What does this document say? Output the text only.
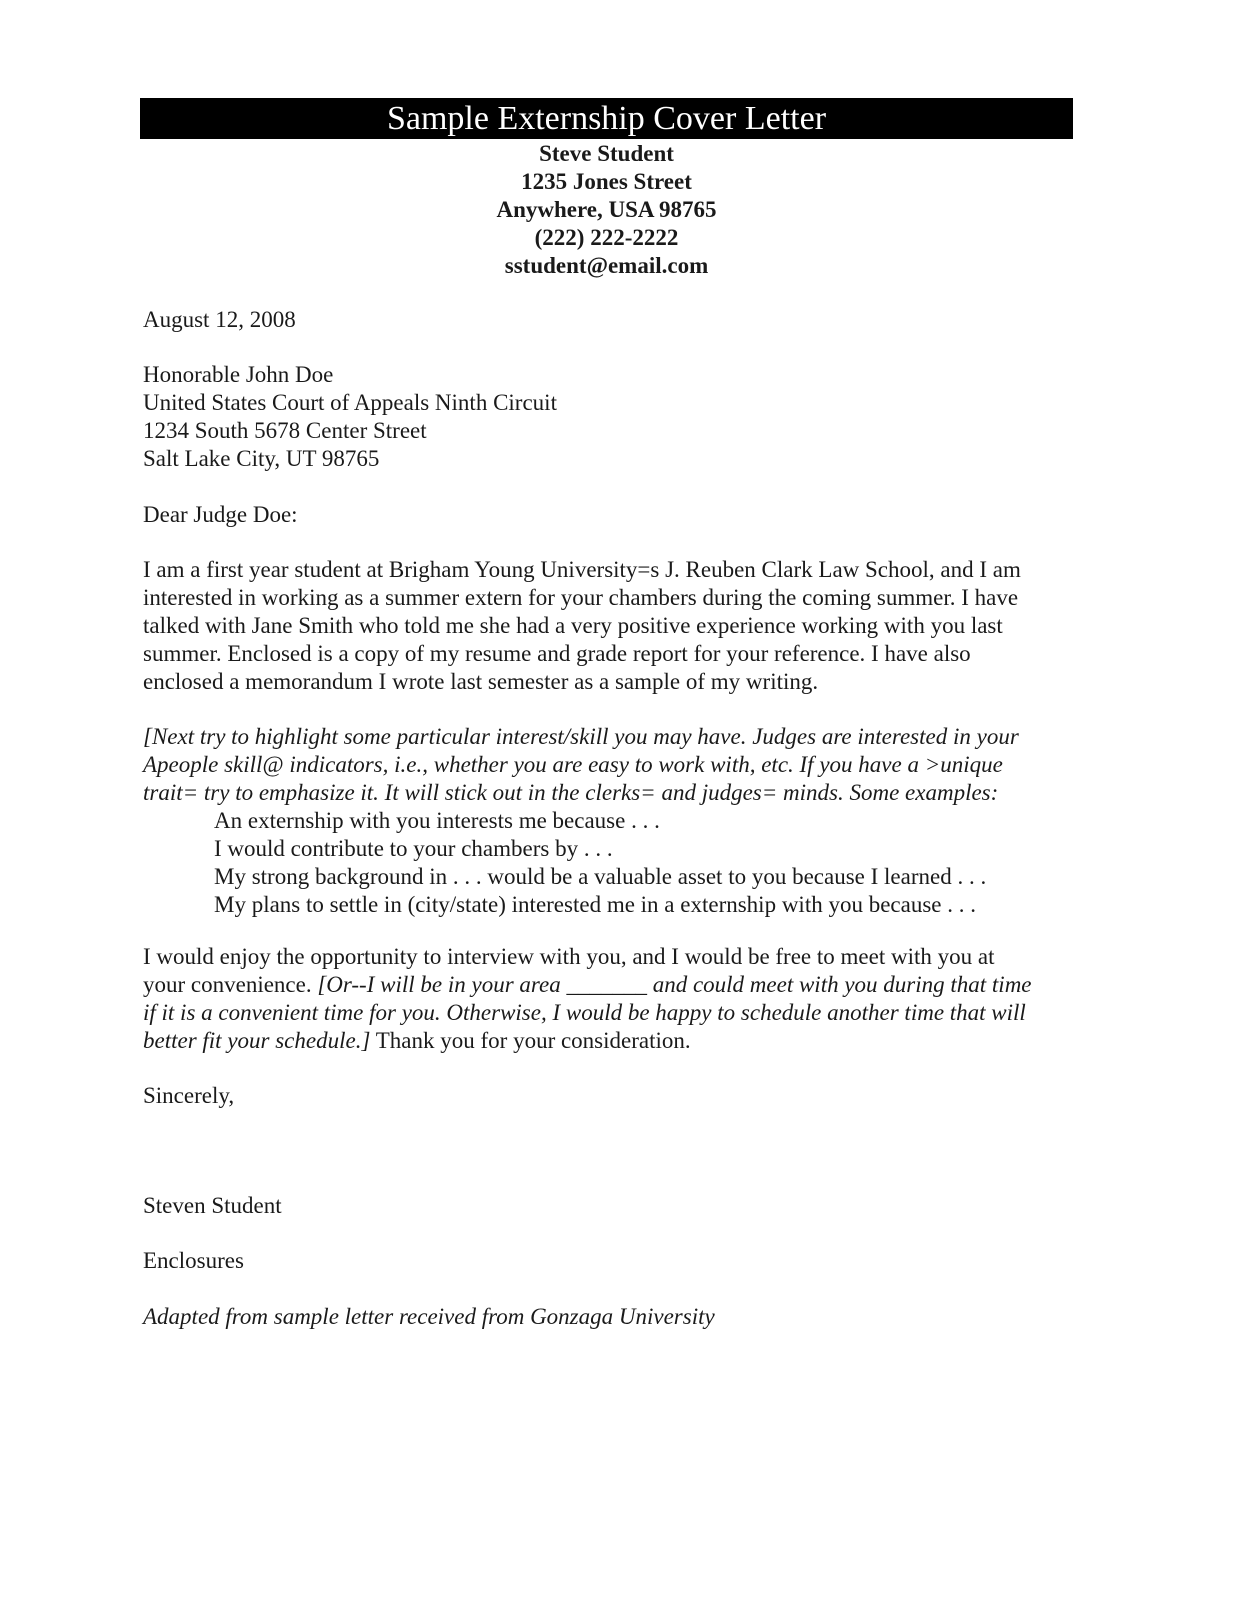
Sample Externship Cover Letter
Steve Student
1235 Jones Street
Anywhere, USA 98765
(222) 222-2222
sstudent@email.com
August 12, 2008
Honorable John Doe
United States Court of Appeals Ninth Circuit
1234 South 5678 Center Street
Salt Lake City, UT 98765
Dear Judge Doe:
I am a first year student at Brigham Young University=s J. Reuben Clark Law School, and I am
interested in working as a summer extern for your chambers during the coming summer. I have
talked with Jane Smith who told me she had a very positive experience working with you last
summer. Enclosed is a copy of my resume and grade report for your reference. I have also
enclosed a memorandum I wrote last semester as a sample of my writing.
[Next try to highlight some particular interest/skill you may have. Judges are interested in your
Apeople skill@ indicators, i.e., whether you are easy to work with, etc. If you have a >unique
trait= try to emphasize it. It will stick out in the clerks= and judges= minds. Some examples:
An externship with you interests me because . . .
I would contribute to your chambers by . . .
My strong background in . . . would be a valuable asset to you because I learned . . .
My plans to settle in (city/state) interested me in a externship with you because . . .
I would enjoy the opportunity to interview with you, and I would be free to meet with you at
your convenience. [Or--I will be in your area _______ and could meet with you during that time
if it is a convenient time for you. Otherwise, I would be happy to schedule another time that will
better fit your schedule.] Thank you for your consideration.
Sincerely,
Steven Student
Enclosures
Adapted from sample letter received from Gonzaga University
